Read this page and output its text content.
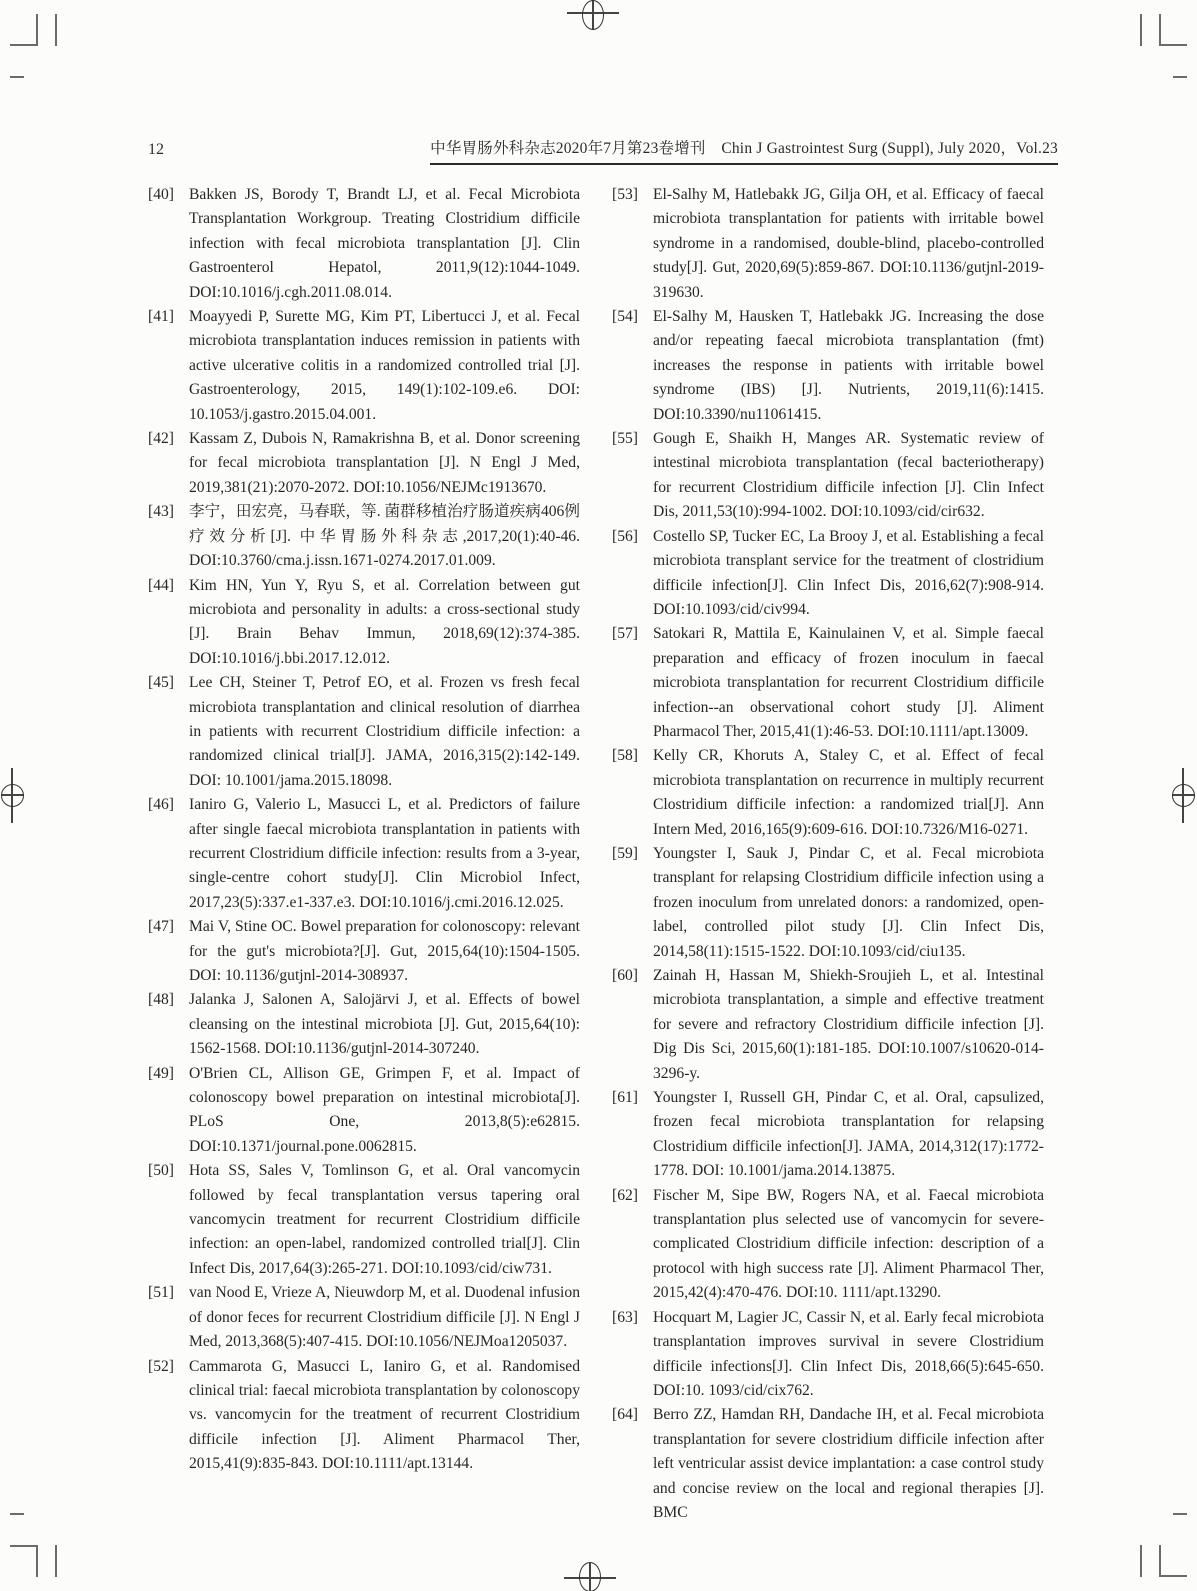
12	中华胃肠外科杂志2020年7月第23卷增刊　Chin J Gastrointest Surg (Suppl), July 2020，Vol.23
[40] Bakken JS, Borody T, Brandt LJ, et al. Fecal Microbiota Transplantation Workgroup. Treating Clostridium difficile infection with fecal microbiota transplantation [J]. Clin Gastroenterol Hepatol, 2011,9(12):1044-1049. DOI:10.1016/j.cgh.2011.08.014.
[41] Moayyedi P, Surette MG, Kim PT, Libertucci J, et al. Fecal microbiota transplantation induces remission in patients with active ulcerative colitis in a randomized controlled trial [J]. Gastroenterology, 2015, 149(1):102-109.e6. DOI: 10.1053/j.gastro.2015.04.001.
[42] Kassam Z, Dubois N, Ramakrishna B, et al. Donor screening for fecal microbiota transplantation [J]. N Engl J Med, 2019,381(21):2070-2072. DOI:10.1056/NEJMc1913670.
[43] 李宁，田宏亮，马春联，等. 菌群移植治疗肠道疾病406例疗效分析[J]. 中华胃肠外科杂志,2017,20(1):40-46. DOI:10.3760/cma.j.issn.1671-0274.2017.01.009.
[44] Kim HN, Yun Y, Ryu S, et al. Correlation between gut microbiota and personality in adults: a cross-sectional study [J]. Brain Behav Immun, 2018,69(12):374-385. DOI:10.1016/j.bbi.2017.12.012.
[45] Lee CH, Steiner T, Petrof EO, et al. Frozen vs fresh fecal microbiota transplantation and clinical resolution of diarrhea in patients with recurrent Clostridium difficile infection: a randomized clinical trial[J]. JAMA, 2016,315(2):142-149. DOI: 10.1001/jama.2015.18098.
[46] Ianiro G, Valerio L, Masucci L, et al. Predictors of failure after single faecal microbiota transplantation in patients with recurrent Clostridium difficile infection: results from a 3-year, single-centre cohort study[J]. Clin Microbiol Infect, 2017,23(5):337.e1-337.e3. DOI:10.1016/j.cmi.2016.12.025.
[47] Mai V, Stine OC. Bowel preparation for colonoscopy: relevant for the gut's microbiota?[J]. Gut, 2015,64(10):1504-1505. DOI: 10.1136/gutjnl-2014-308937.
[48] Jalanka J, Salonen A, Salojärvi J, et al. Effects of bowel cleansing on the intestinal microbiota [J]. Gut, 2015,64(10): 1562-1568. DOI:10.1136/gutjnl-2014-307240.
[49] O'Brien CL, Allison GE, Grimpen F, et al. Impact of colonoscopy bowel preparation on intestinal microbiota[J]. PLoS One, 2013,8(5):e62815. DOI:10.1371/journal.pone.0062815.
[50] Hota SS, Sales V, Tomlinson G, et al. Oral vancomycin followed by fecal transplantation versus tapering oral vancomycin treatment for recurrent Clostridium difficile infection: an open-label, randomized controlled trial[J]. Clin Infect Dis, 2017,64(3):265-271. DOI:10.1093/cid/ciw731.
[51] van Nood E, Vrieze A, Nieuwdorp M, et al. Duodenal infusion of donor feces for recurrent Clostridium difficile [J]. N Engl J Med, 2013,368(5):407-415. DOI:10.1056/NEJMoa1205037.
[52] Cammarota G, Masucci L, Ianiro G, et al. Randomised clinical trial: faecal microbiota transplantation by colonoscopy vs. vancomycin for the treatment of recurrent Clostridium difficile infection [J]. Aliment Pharmacol Ther, 2015,41(9):835-843. DOI:10.1111/apt.13144.
[53] El-Salhy M, Hatlebakk JG, Gilja OH, et al. Efficacy of faecal microbiota transplantation for patients with irritable bowel syndrome in a randomised, double-blind, placebo-controlled study[J]. Gut, 2020,69(5):859-867. DOI:10.1136/gutjnl-2019-319630.
[54] El-Salhy M, Hausken T, Hatlebakk JG. Increasing the dose and/or repeating faecal microbiota transplantation (fmt) increases the response in patients with irritable bowel syndrome (IBS) [J]. Nutrients, 2019,11(6):1415. DOI:10.3390/nu11061415.
[55] Gough E, Shaikh H, Manges AR. Systematic review of intestinal microbiota transplantation (fecal bacteriotherapy) for recurrent Clostridium difficile infection [J]. Clin Infect Dis, 2011,53(10):994-1002. DOI:10.1093/cid/cir632.
[56] Costello SP, Tucker EC, La Brooy J, et al. Establishing a fecal microbiota transplant service for the treatment of clostridium difficile infection[J]. Clin Infect Dis, 2016,62(7):908-914. DOI:10.1093/cid/civ994.
[57] Satokari R, Mattila E, Kainulainen V, et al. Simple faecal preparation and efficacy of frozen inoculum in faecal microbiota transplantation for recurrent Clostridium difficile infection--an observational cohort study [J]. Aliment Pharmacol Ther, 2015,41(1):46-53. DOI:10.1111/apt.13009.
[58] Kelly CR, Khoruts A, Staley C, et al. Effect of fecal microbiota transplantation on recurrence in multiply recurrent Clostridium difficile infection: a randomized trial[J]. Ann Intern Med, 2016,165(9):609-616. DOI:10.7326/M16-0271.
[59] Youngster I, Sauk J, Pindar C, et al. Fecal microbiota transplant for relapsing Clostridium difficile infection using a frozen inoculum from unrelated donors: a randomized, open-label, controlled pilot study [J]. Clin Infect Dis, 2014,58(11):1515-1522. DOI:10.1093/cid/ciu135.
[60] Zainah H, Hassan M, Shiekh-Sroujieh L, et al. Intestinal microbiota transplantation, a simple and effective treatment for severe and refractory Clostridium difficile infection [J]. Dig Dis Sci, 2015,60(1):181-185. DOI:10.1007/s10620-014-3296-y.
[61] Youngster I, Russell GH, Pindar C, et al. Oral, capsulized, frozen fecal microbiota transplantation for relapsing Clostridium difficile infection[J]. JAMA, 2014,312(17):1772-1778. DOI: 10.1001/jama.2014.13875.
[62] Fischer M, Sipe BW, Rogers NA, et al. Faecal microbiota transplantation plus selected use of vancomycin for severe-complicated Clostridium difficile infection: description of a protocol with high success rate [J]. Aliment Pharmacol Ther, 2015,42(4):470-476. DOI:10. 1111/apt.13290.
[63] Hocquart M, Lagier JC, Cassir N, et al. Early fecal microbiota transplantation improves survival in severe Clostridium difficile infections[J]. Clin Infect Dis, 2018,66(5):645-650. DOI:10. 1093/cid/cix762.
[64] Berro ZZ, Hamdan RH, Dandache IH, et al. Fecal microbiota transplantation for severe clostridium difficile infection after left ventricular assist device implantation: a case control study and concise review on the local and regional therapies [J]. BMC
